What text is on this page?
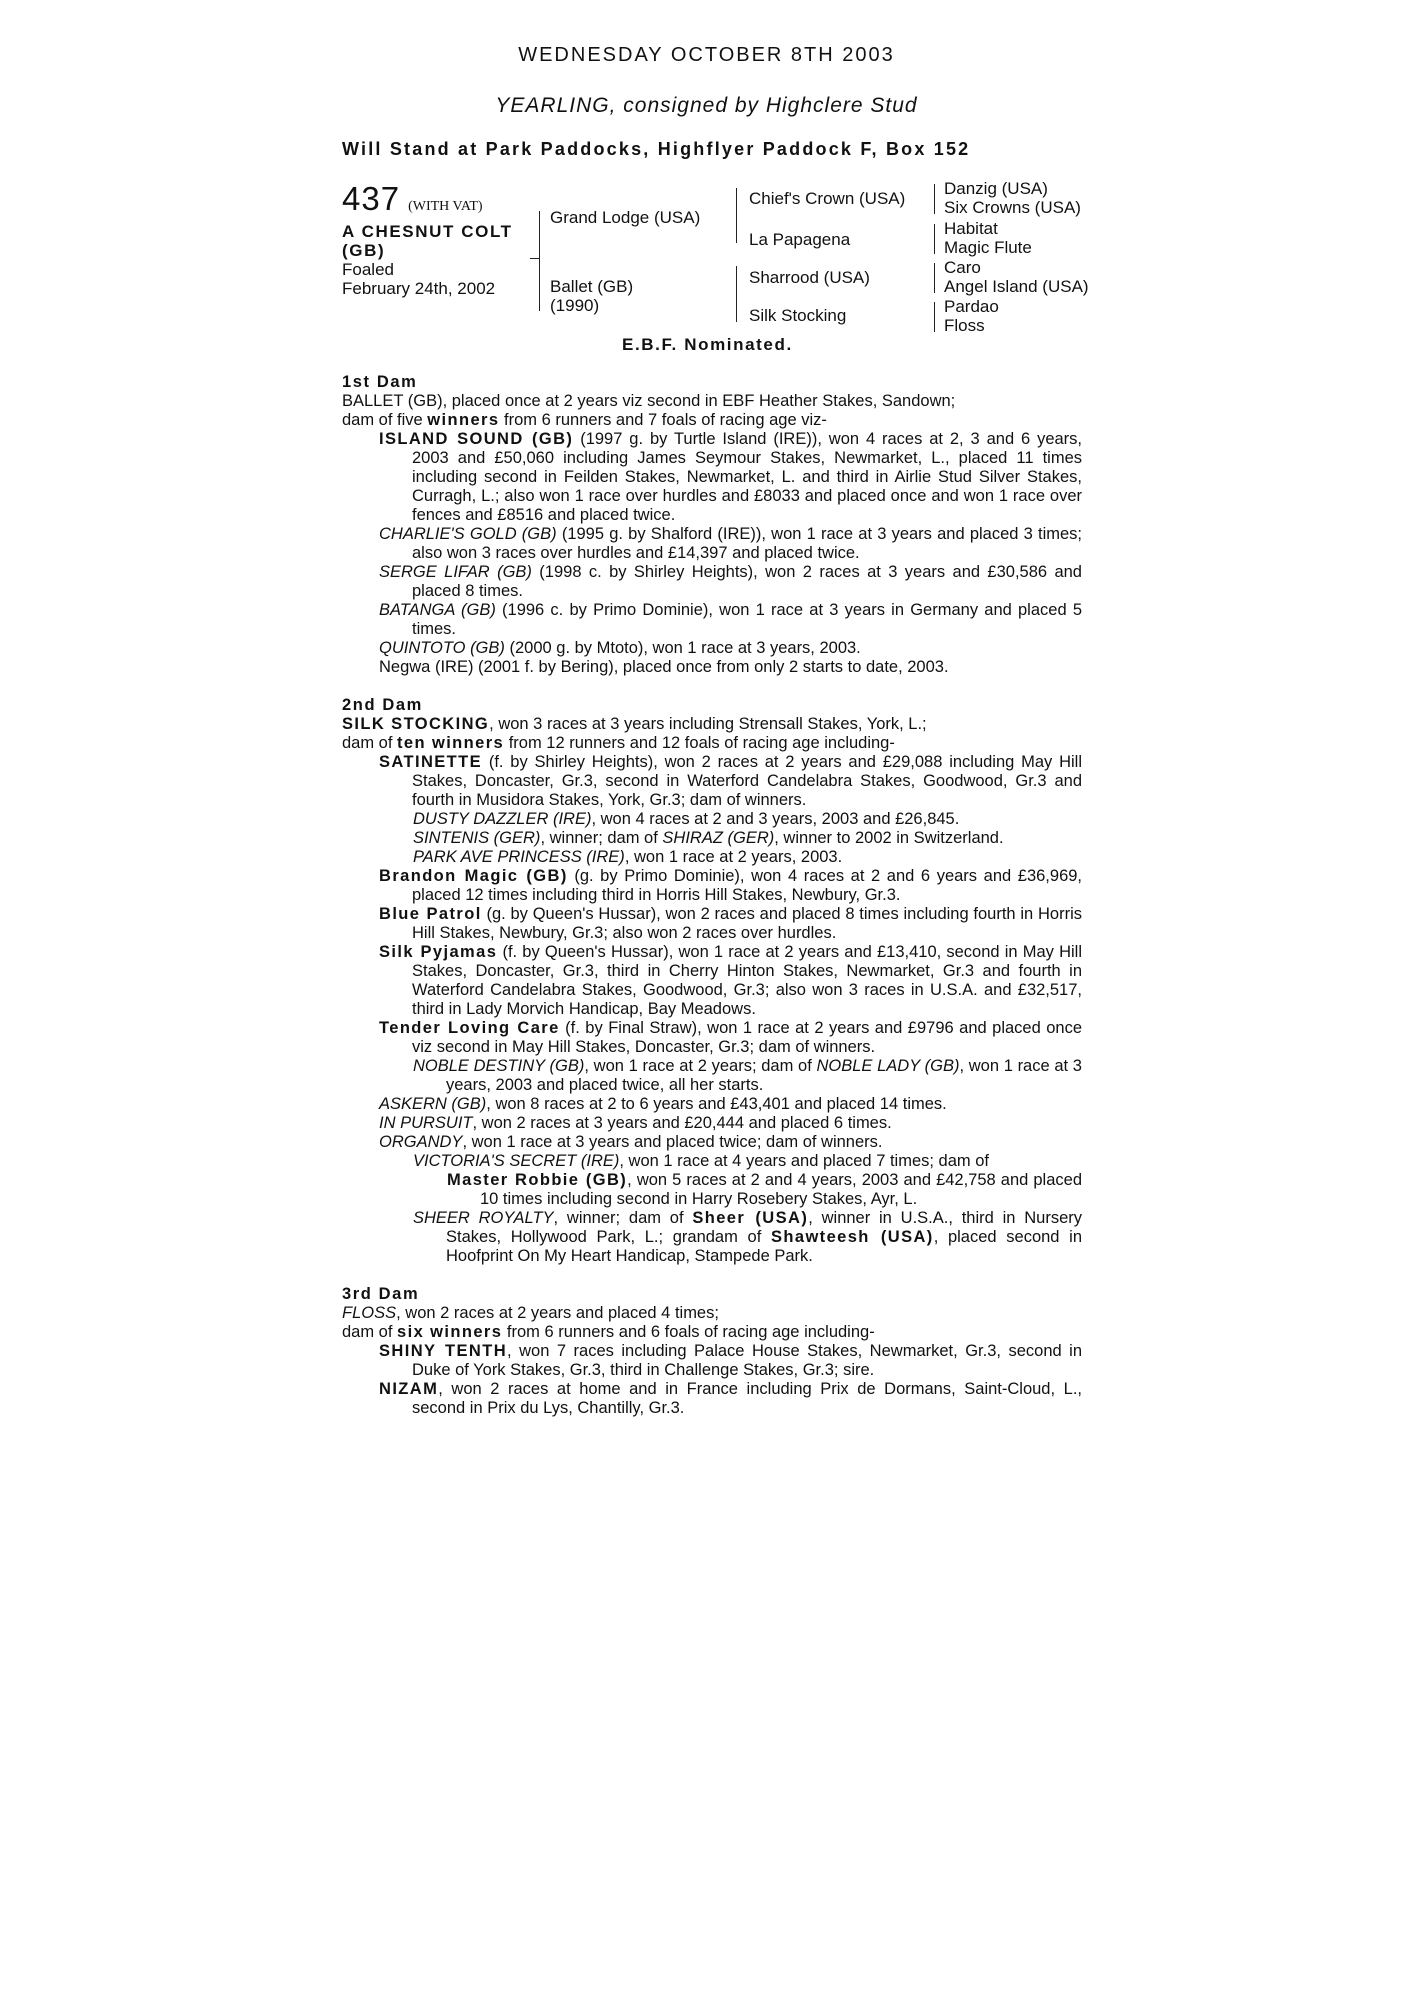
WEDNESDAY OCTOBER 8TH 2003
YEARLING, consigned by Highclere Stud
Will Stand at Park Paddocks, Highflyer Paddock F, Box 152
437 (WITH VAT)
A CHESNUT COLT
(GB)
Foaled
February 24th, 2002
Grand Lodge (USA)
Ballet (GB)
(1990)
Chief's Crown (USA)
La Papagena
Sharrood (USA)
Silk Stocking
Danzig (USA)
Six Crowns (USA)
Habitat
Magic Flute
Caro
Angel Island (USA)
Pardao
Floss
E.B.F. Nominated.
1st Dam
BALLET (GB), placed once at 2 years viz second in EBF Heather Stakes, Sandown;
dam of five winners from 6 runners and 7 foals of racing age viz-
ISLAND SOUND (GB) (1997 g. by Turtle Island (IRE)), won 4 races at 2, 3 and 6 years, 2003 and £50,060 including James Seymour Stakes, Newmarket, L., placed 11 times including second in Feilden Stakes, Newmarket, L. and third in Airlie Stud Silver Stakes, Curragh, L.; also won 1 race over hurdles and £8033 and placed once and won 1 race over fences and £8516 and placed twice.
CHARLIE'S GOLD (GB) (1995 g. by Shalford (IRE)), won 1 race at 3 years and placed 3 times; also won 3 races over hurdles and £14,397 and placed twice.
SERGE LIFAR (GB) (1998 c. by Shirley Heights), won 2 races at 3 years and £30,586 and placed 8 times.
BATANGA (GB) (1996 c. by Primo Dominie), won 1 race at 3 years in Germany and placed 5 times.
QUINTOTO (GB) (2000 g. by Mtoto), won 1 race at 3 years, 2003.
Negwa (IRE) (2001 f. by Bering), placed once from only 2 starts to date, 2003.
2nd Dam
SILK STOCKING, won 3 races at 3 years including Strensall Stakes, York, L.;
dam of ten winners from 12 runners and 12 foals of racing age including-
SATINETTE (f. by Shirley Heights), won 2 races at 2 years and £29,088 including May Hill Stakes, Doncaster, Gr.3, second in Waterford Candelabra Stakes, Goodwood, Gr.3 and fourth in Musidora Stakes, York, Gr.3; dam of winners.
DUSTY DAZZLER (IRE), won 4 races at 2 and 3 years, 2003 and £26,845.
SINTENIS (GER), winner; dam of SHIRAZ (GER), winner to 2002 in Switzerland.
PARK AVE PRINCESS (IRE), won 1 race at 2 years, 2003.
Brandon Magic (GB) (g. by Primo Dominie), won 4 races at 2 and 6 years and £36,969, placed 12 times including third in Horris Hill Stakes, Newbury, Gr.3.
Blue Patrol (g. by Queen's Hussar), won 2 races and placed 8 times including fourth in Horris Hill Stakes, Newbury, Gr.3; also won 2 races over hurdles.
Silk Pyjamas (f. by Queen's Hussar), won 1 race at 2 years and £13,410, second in May Hill Stakes, Doncaster, Gr.3, third in Cherry Hinton Stakes, Newmarket, Gr.3 and fourth in Waterford Candelabra Stakes, Goodwood, Gr.3; also won 3 races in U.S.A. and £32,517, third in Lady Morvich Handicap, Bay Meadows.
Tender Loving Care (f. by Final Straw), won 1 race at 2 years and £9796 and placed once viz second in May Hill Stakes, Doncaster, Gr.3; dam of winners.
NOBLE DESTINY (GB), won 1 race at 2 years; dam of NOBLE LADY (GB), won 1 race at 3 years, 2003 and placed twice, all her starts.
ASKERN (GB), won 8 races at 2 to 6 years and £43,401 and placed 14 times.
IN PURSUIT, won 2 races at 3 years and £20,444 and placed 6 times.
ORGANDY, won 1 race at 3 years and placed twice; dam of winners.
VICTORIA'S SECRET (IRE), won 1 race at 4 years and placed 7 times; dam of
Master Robbie (GB), won 5 races at 2 and 4 years, 2003 and £42,758 and placed 10 times including second in Harry Rosebery Stakes, Ayr, L.
SHEER ROYALTY, winner; dam of Sheer (USA), winner in U.S.A., third in Nursery Stakes, Hollywood Park, L.; grandam of Shawteesh (USA), placed second in Hoofprint On My Heart Handicap, Stampede Park.
3rd Dam
FLOSS, won 2 races at 2 years and placed 4 times;
dam of six winners from 6 runners and 6 foals of racing age including-
SHINY TENTH, won 7 races including Palace House Stakes, Newmarket, Gr.3, second in Duke of York Stakes, Gr.3, third in Challenge Stakes, Gr.3; sire.
NIZAM, won 2 races at home and in France including Prix de Dormans, Saint-Cloud, L., second in Prix du Lys, Chantilly, Gr.3.
